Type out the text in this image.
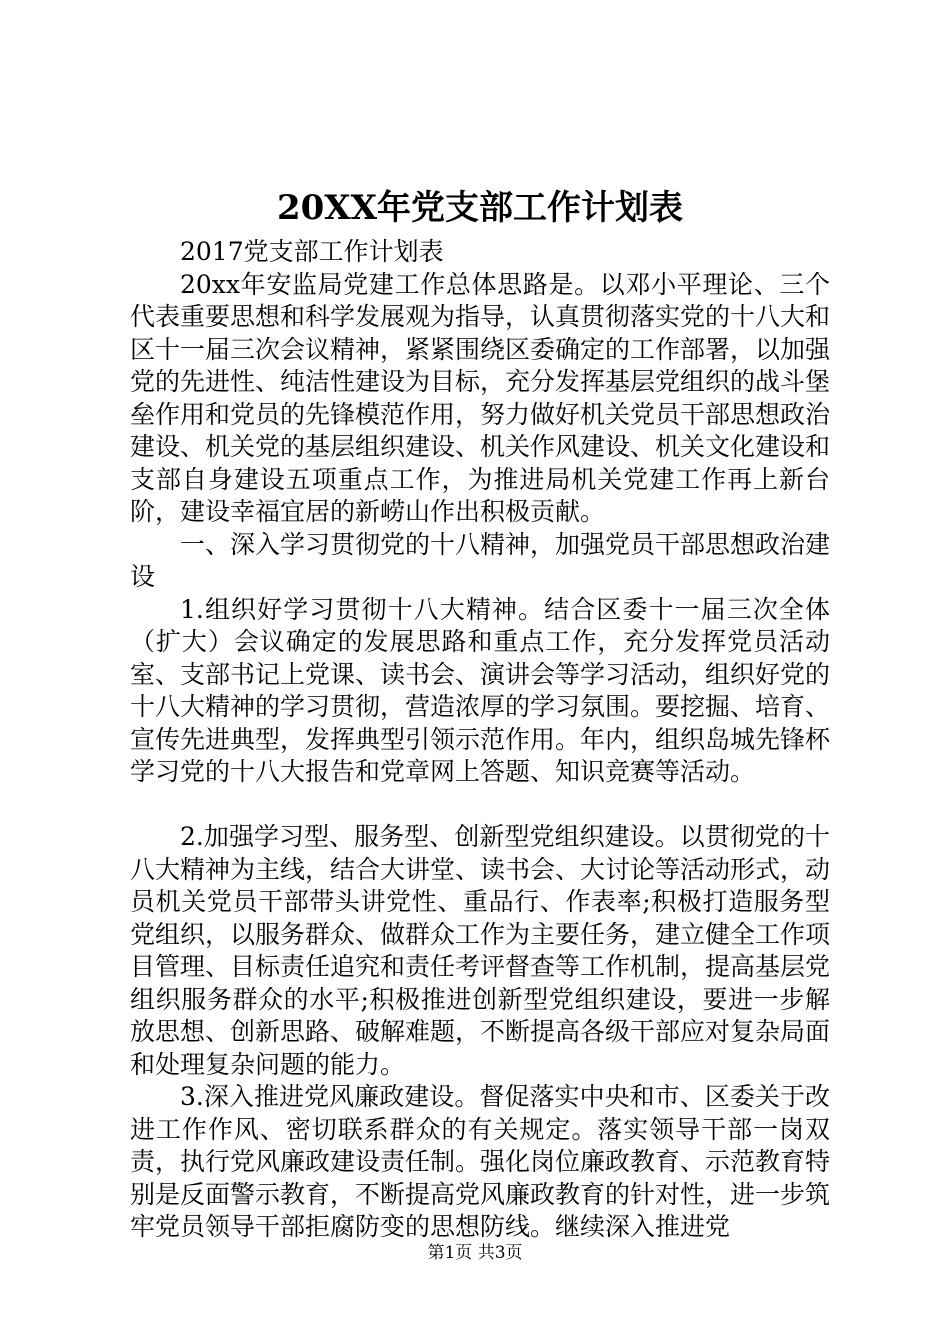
20XX年党支部工作计划表

2017党支部工作计划表

20xx年安监局党建工作总体思路是。以邓小平理论、三个代表重要思想和科学发展观为指导，认真贯彻落实党的十八大和区十一届三次会议精神，紧紧围绕区委确定的工作部署，以加强党的先进性、纯洁性建设为目标，充分发挥基层党组织的战斗堡垒作用和党员的先锋模范作用，努力做好机关党员干部思想政治建设、机关党的基层组织建设、机关作风建设、机关文化建设和支部自身建设五项重点工作，为推进局机关党建工作再上新台阶，建设幸福宜居的新崂山作出积极贡献。

一、深入学习贯彻党的十八精神，加强党员干部思想政治建设

1.组织好学习贯彻十八大精神。结合区委十一届三次全体（扩大）会议确定的发展思路和重点工作，充分发挥党员活动室、支部书记上党课、读书会、演讲会等学习活动，组织好党的十八大精神的学习贯彻，营造浓厚的学习氛围。要挖掘、培育、宣传先进典型，发挥典型引领示范作用。年内，组织岛城先锋杯学习党的十八大报告和党章网上答题、知识竞赛等活动。

2.加强学习型、服务型、创新型党组织建设。以贯彻党的十八大精神为主线，结合大讲堂、读书会、大讨论等活动形式，动员机关党员干部带头讲党性、重品行、作表率;积极打造服务型党组织，以服务群众、做群众工作为主要任务，建立健全工作项目管理、目标责任追究和责任考评督查等工作机制，提高基层党组织服务群众的水平;积极推进创新型党组织建设，要进一步解放思想、创新思路、破解难题，不断提高各级干部应对复杂局面和处理复杂问题的能力。

3.深入推进党风廉政建设。督促落实中央和市、区委关于改进工作作风、密切联系群众的有关规定。落实领导干部一岗双责，执行党风廉政建设责任制。强化岗位廉政教育、示范教育特别是反面警示教育，不断提高党风廉政教育的针对性，进一步筑牢党员领导干部拒腐防变的思想防线。继续深入推进党

第1页 共3页
